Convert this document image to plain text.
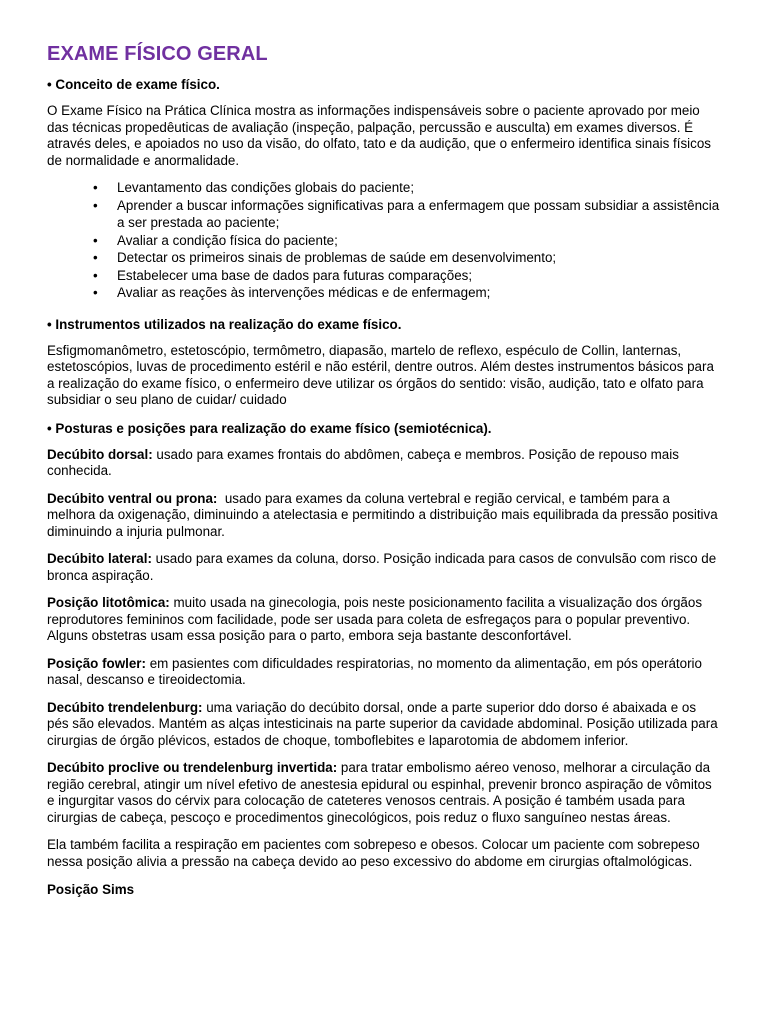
EXAME FÍSICO GERAL

• Conceito de exame físico.

O Exame Físico na Prática Clínica mostra as informações indispensáveis sobre o paciente aprovado por meio das técnicas propedêuticas de avaliação (inspeção, palpação, percussão e ausculta) em exames diversos. É através deles, e apoiados no uso da visão, do olfato, tato e da audição, que o enfermeiro identifica sinais físicos de normalidade e anormalidade.

• Levantamento das condições globais do paciente;
• Aprender a buscar informações significativas para a enfermagem que possam subsidiar a assistência a ser prestada ao paciente;
• Avaliar a condição física do paciente;
• Detectar os primeiros sinais de problemas de saúde em desenvolvimento;
• Estabelecer uma base de dados para futuras comparações;
• Avaliar as reações às intervenções médicas e de enfermagem;

• Instrumentos utilizados na realização do exame físico.

Esfigmomanômetro, estetoscópio, termômetro, diapasão, martelo de reflexo, espéculo de Collin, lanternas, estetoscópios, luvas de procedimento estéril e não estéril, dentre outros. Além destes instrumentos básicos para a realização do exame físico, o enfermeiro deve utilizar os órgãos do sentido: visão, audição, tato e olfato para subsidiar o seu plano de cuidar/ cuidado

• Posturas e posições para realização do exame físico (semiotécnica).

Decúbito dorsal: usado para exames frontais do abdômen, cabeça e membros. Posição de repouso mais conhecida.

Decúbito ventral ou prona:  usado para exames da coluna vertebral e região cervical, e também para a melhora da oxigenação, diminuindo a atelectasia e permitindo a distribuição mais equilibrada da pressão positiva diminuindo a injuria pulmonar.

Decúbito lateral: usado para exames da coluna, dorso. Posição indicada para casos de convulsão com risco de bronca aspiração.

Posição litotômica: muito usada na ginecologia, pois neste posicionamento facilita a visualização dos órgãos reprodutores femininos com facilidade, pode ser usada para coleta de esfregaços para o popular preventivo. Alguns obstetras usam essa posição para o parto, embora seja bastante desconfortável.

Posição fowler: em pasientes com dificuldades respiratorias, no momento da alimentação, em pós operátorio nasal, descanso e tireoidectomia.

Decúbito trendelenburg: uma variação do decúbito dorsal, onde a parte superior ddo dorso é abaixada e os pés são elevados. Mantém as alças intesticinais na parte superior da cavidade abdominal. Posição utilizada para cirurgias de órgão plévicos, estados de choque, tomboflebites e laparotomia de abdomem inferior.

Decúbito proclive ou trendelenburg invertida: para tratar embolismo aéreo venoso, melhorar a circulação da região cerebral, atingir um nível efetivo de anestesia epidural ou espinhal, prevenir bronco aspiração de vômitos e ingurgitar vasos do cérvix para colocação de cateteres venosos centrais. A posição é também usada para cirurgias de cabeça, pescoço e procedimentos ginecológicos, pois reduz o fluxo sanguíneo nestas áreas.

Ela também facilita a respiração em pacientes com sobrepeso e obesos. Colocar um paciente com sobrepeso nessa posição alivia a pressão na cabeça devido ao peso excessivo do abdome em cirurgias oftalmológicas.

Posição Sims
